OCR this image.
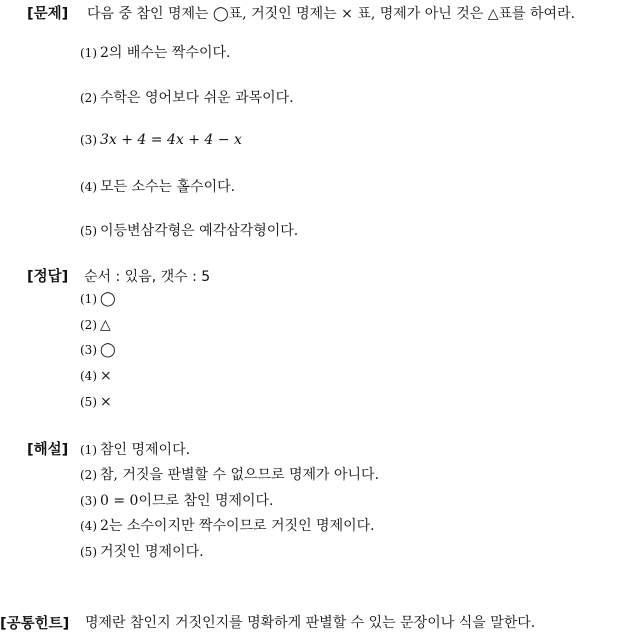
[문제] 다음 중 참인 명제는 ◯표, 거짓인 명제는 × 표, 명제가 아닌 것은 △표를 하여라.
(1) 2의 배수는 짝수이다.
(2) 수학은 영어보다 쉬운 과목이다.
(3) 3x + 4 = 4x + 4 − x
(4) 모든 소수는 홀수이다.
(5) 이등변삼각형은 예각삼각형이다.
[정답] 순서 : 있음, 갯수 : 5
(1) ◯
(2) △
(3) ◯
(4) ×
(5) ×
[해설] (1) 참인 명제이다.
(2) 참, 거짓을 판별할 수 없으므로 명제가 아니다.
(3) 0 = 0이므로 참인 명제이다.
(4) 2는 소수이지만 짝수이므로 거짓인 명제이다.
(5) 거짓인 명제이다.
[공통힌트] 명제란 참인지 거짓인지를 명확하게 판별할 수 있는 문장이나 식을 말한다.
